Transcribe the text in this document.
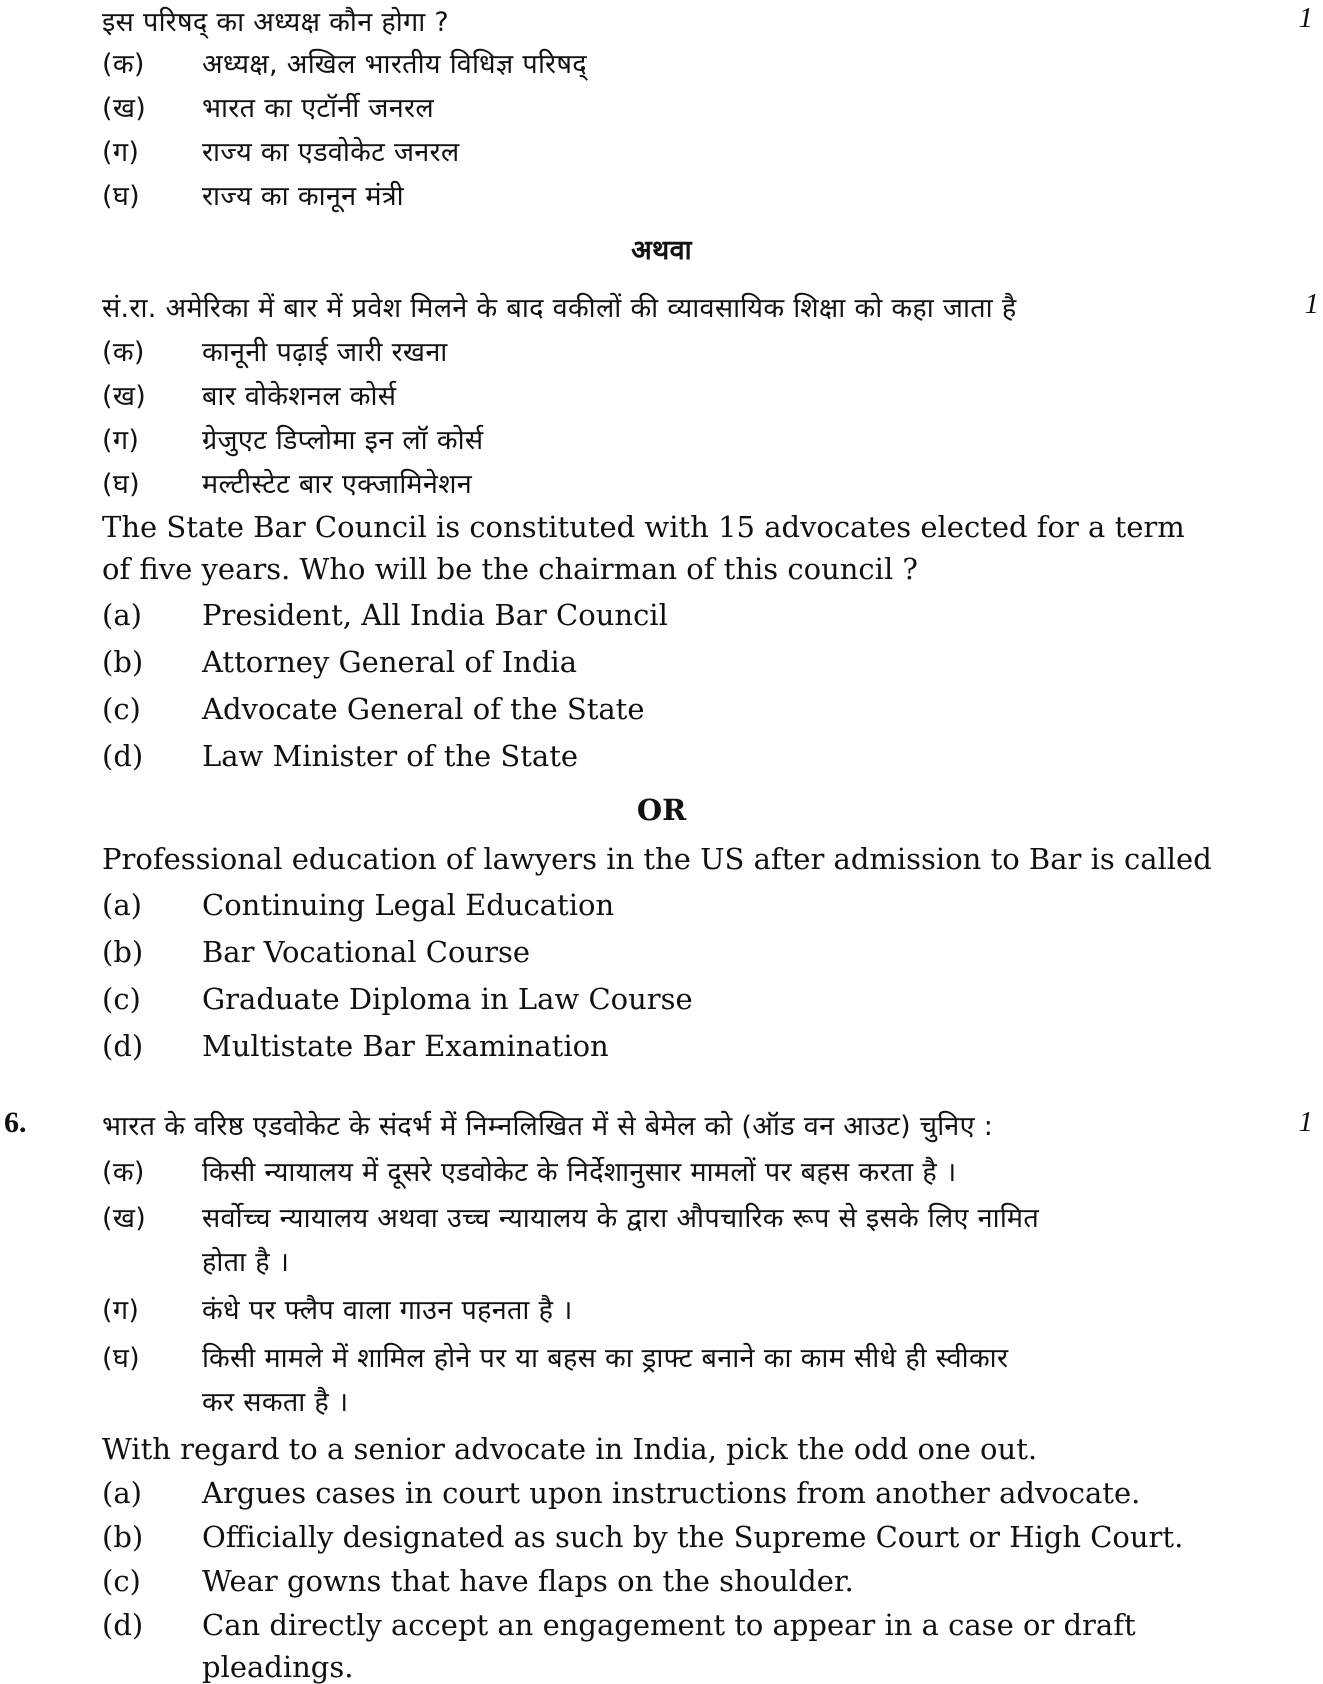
इस परिषद् का अध्यक्ष कौन होगा ?	1
(क) अध्यक्ष, अखिल भारतीय विधिज्ञ परिषद्
(ख) भारत का एटॉर्नी जनरल
(ग) राज्य का एडवोकेट जनरल
(घ) राज्य का कानून मंत्री
अथवा
सं.रा. अमेरिका में बार में प्रवेश मिलने के बाद वकीलों की व्यावसायिक शिक्षा को कहा जाता है	1
(क) कानूनी पढ़ाई जारी रखना
(ख) बार वोकेशनल कोर्स
(ग) ग्रेजुएट डिप्लोमा इन लॉ कोर्स
(घ) मल्टीस्टेट बार एक्जामिनेशन
The State Bar Council is constituted with 15 advocates elected for a term
of five years. Who will be the chairman of this council ?
(a) President, All India Bar Council
(b) Attorney General of India
(c) Advocate General of the State
(d) Law Minister of the State
OR
Professional education of lawyers in the US after admission to Bar is called
(a) Continuing Legal Education
(b) Bar Vocational Course
(c) Graduate Diploma in Law Course
(d) Multistate Bar Examination
6.	भारत के वरिष्ठ एडवोकेट के संदर्भ में निम्नलिखित में से बेमेल को (ऑड वन आउट) चुनिए :	1
(क) किसी न्यायालय में दूसरे एडवोकेट के निर्देशानुसार मामलों पर बहस करता है ।
(ख) सर्वोच्च न्यायालय अथवा उच्च न्यायालय के द्वारा औपचारिक रूप से इसके लिए नामित
होता है ।
(ग) कंधे पर फ्लैप वाला गाउन पहनता है ।
(घ) किसी मामले में शामिल होने पर या बहस का ड्राफ्ट बनाने का काम सीधे ही स्वीकार
कर सकता है ।
With regard to a senior advocate in India, pick the odd one out.
(a) Argues cases in court upon instructions from another advocate.
(b) Officially designated as such by the Supreme Court or High Court.
(c) Wear gowns that have flaps on the shoulder.
(d) Can directly accept an engagement to appear in a case or draft
pleadings.
